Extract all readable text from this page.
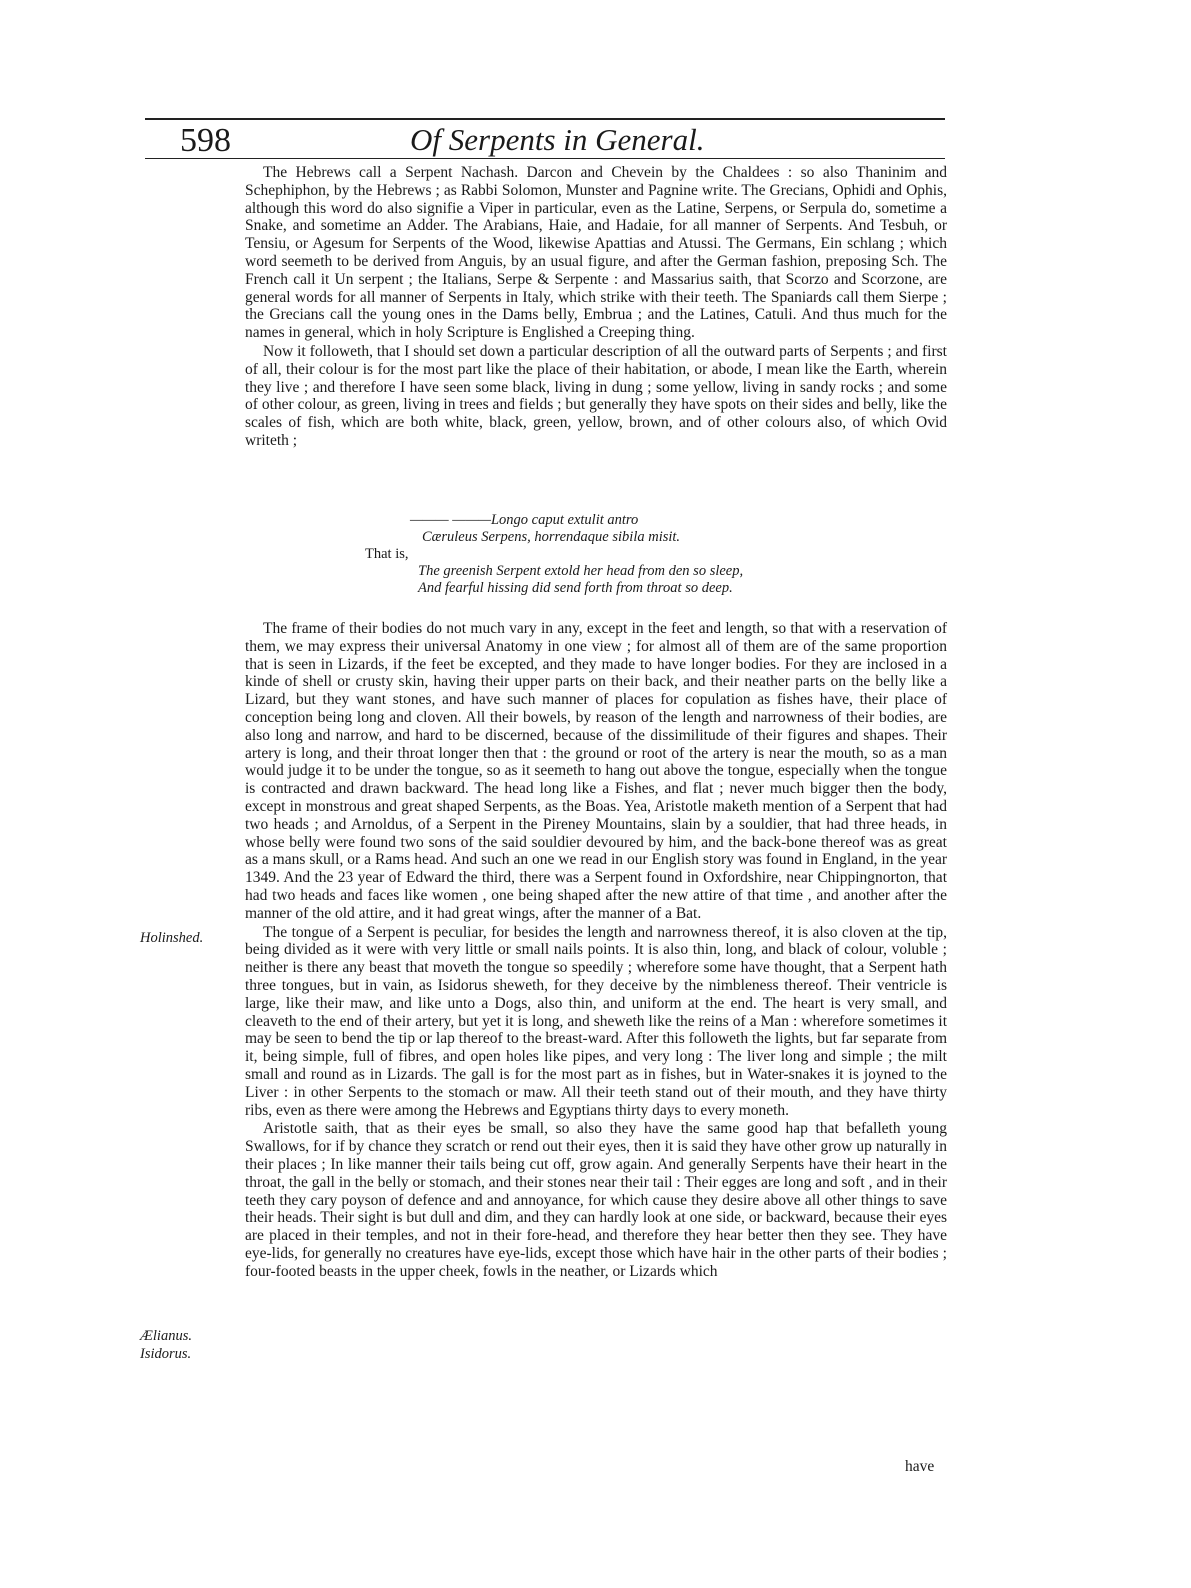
598	Of Serpents in General.

The Hebrews call a Serpent Nachash. Darcon and Chevein by the Chaldees : so also Thaninim and Schephiphon, by the Hebrews ; as Rabbi Solomon, Munster and Pagnine write. The Grecians, Ophidi and Ophis, although this word do also signifie a Viper in particular, even as the Latine, Serpens, or Serpula do, sometime a Snake, and sometime an Adder. The Arabians, Haie, and Hadaie, for all manner of Serpents. And Tesbuh, or Tensiu, or Agesum for Serpents of the Wood, likewise Apattias and Atussi. The Germans, Ein schlang ; which word seemeth to be derived from Anguis, by an usual figure, and after the German fashion, preposing Sch. The French call it Un serpent ; the Italians, Serpe & Serpente : and Massarius saith, that Scorzo and Scorzone, are general words for all manner of Serpents in Italy, which strike with their teeth. The Spaniards call them Sierpe ; the Grecians call the young ones in the Dams belly, Embrua ; and the Latines, Catuli. And thus much for the names in general, which in holy Scripture is Englished a Creeping thing.

Now it followeth, that I should set down a particular description of all the outward parts of Serpents ; and first of all, their colour is for the most part like the place of their habitation, or abode, I mean like the Earth, wherein they live ; and therefore I have seen some black, living in dung ; some yellow, living in sandy rocks ; and some of other colour, as green, living in trees and fields ; but generally they have spots on their sides and belly, like the scales of fish, which are both white, black, green, yellow, brown, and of other colours also, of which Ovid writeth ;

——— ———Longo caput extulit antro
Cæruleus Serpens, horrendaque sibila misit.
That is,
The greenish Serpent extold her head from den so sleep,
And fearful hissing did send forth from throat so deep.

The frame of their bodies do not much vary in any, except in the feet and length, so that with a reservation of them, we may express their universal Anatomy in one view ; for almost all of them are of the same proportion that is seen in Lizards, if the feet be excepted, and they made to have longer bodies. For they are inclosed in a kinde of shell or crusty skin, having their upper parts on their back, and their neather parts on the belly like a Lizard, but they want stones, and have such manner of places for copulation as fishes have, their place of conception being long and cloven. All their bowels, by reason of the length and narrowness of their bodies, are also long and narrow, and hard to be discerned, because of the dissimilitude of their figures and shapes. Their artery is long, and their throat longer then that : the ground or root of the artery is near the mouth, so as a man would judge it to be under the tongue, so as it seemeth to hang out above the tongue, especially when the tongue is contracted and drawn backward. The head long like a Fishes, and flat ; never much bigger then the body, except in monstrous and great shaped Serpents, as the Boas. Yea, Aristotle maketh mention of a Serpent that had two heads ; and Arnoldus, of a Serpent in the Pireney Mountains, slain by a souldier, that had three heads, in whose belly were found two sons of the said souldier devoured by him, and the back-bone thereof was as great as a mans skull, or a Rams head. And such an one we read in our English story was found in England, in the year 1349. And the 23 year of Edward the third, there was a Serpent found in Oxfordshire, near Chippingnorton, that had two heads and faces like women , one being shaped after the new attire of that time , and another after the manner of the old attire, and it had great wings, after the manner of a Bat.

The tongue of a Serpent is peculiar, for besides the length and narrowness thereof, it is also cloven at the tip, being divided as it were with very little or small nails points. It is also thin, long, and black of colour, voluble ; neither is there any beast that moveth the tongue so speedily ; wherefore some have thought, that a Serpent hath three tongues, but in vain, as Isidorus sheweth, for they deceive by the nimbleness thereof. Their ventricle is large, like their maw, and like unto a Dogs, also thin, and uniform at the end. The heart is very small, and cleaveth to the end of their artery, but yet it is long, and sheweth like the reins of a Man : wherefore sometimes it may be seen to bend the tip or lap thereof to the breast-ward. After this followeth the lights, but far separate from it, being simple, full of fibres, and open holes like pipes, and very long : The liver long and simple ; the milt small and round as in Lizards. The gall is for the most part as in fishes, but in Water-snakes it is joyned to the Liver : in other Serpents to the stomach or maw. All their teeth stand out of their mouth, and they have thirty ribs, even as there were among the Hebrews and Egyptians thirty days to every moneth.

Aristotle saith, that as their eyes be small, so also they have the same good hap that befalleth young Swallows, for if by chance they scratch or rend out their eyes, then it is said they have other grow up naturally in their places ; In like manner their tails being cut off, grow again. And generally Serpents have their heart in the throat, the gall in the belly or stomach, and their stones near their tail : Their egges are long and soft , and in their teeth they cary poyson of defence and and annoyance, for which cause they desire above all other things to save their heads. Their sight is but dull and dim, and they can hardly look at one side, or backward, because their eyes are placed in their temples, and not in their fore-head, and therefore they hear better then they see. They have eye-lids, for generally no creatures have eye-lids, except those which have hair in the other parts of their bodies ; four-footed beasts in the upper cheek, fowls in the neather, or Lizards which

Holinshed.
Ælianus.
Isidorus.
have
